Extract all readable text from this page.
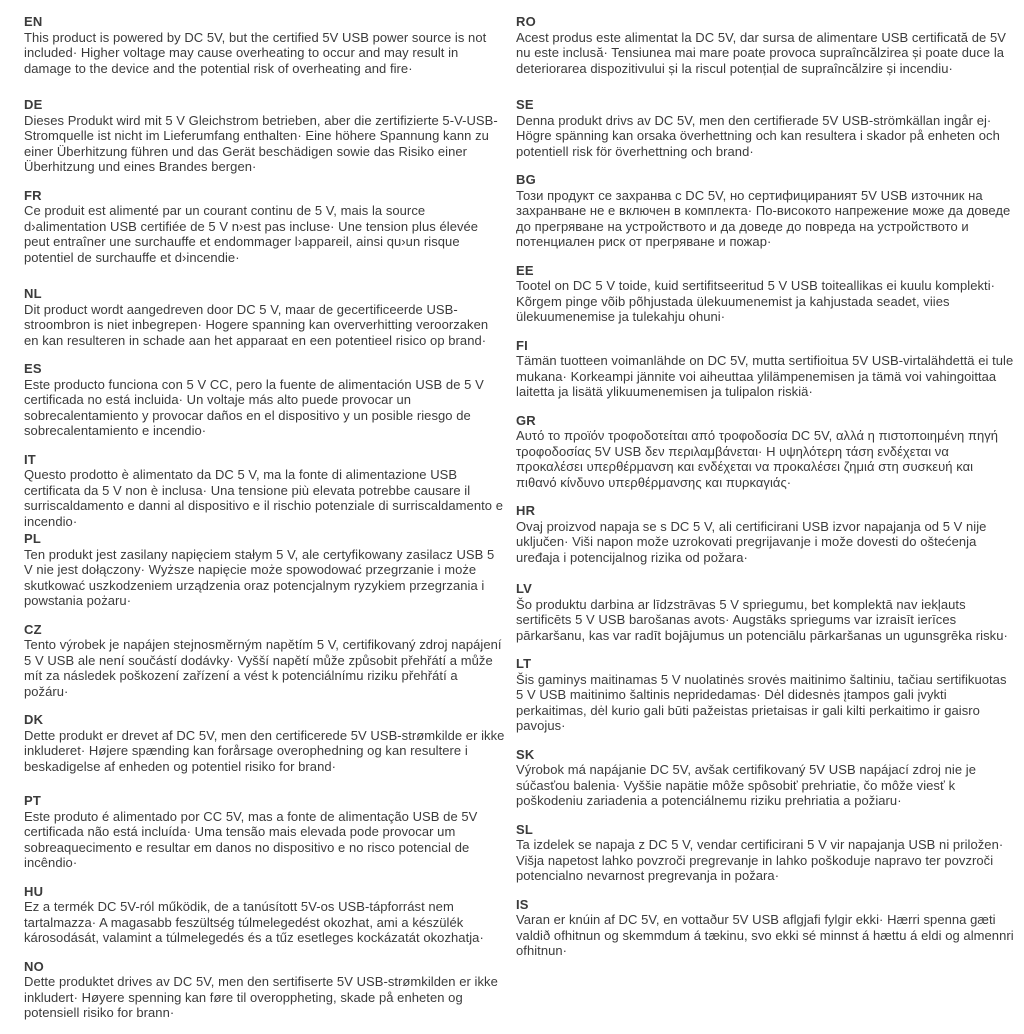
EN

This product is powered by DC 5V, but the certified 5V USB power source is not included· Higher voltage may cause overheating to occur and may result in damage to the device and the potential risk of overheating and fire·

DE

Dieses Produkt wird mit 5 V Gleichstrom betrieben, aber die zertifizierte 5-V-USB-Stromquelle ist nicht im Lieferumfang enthalten· Eine höhere Spannung kann zu einer Überhitzung führen und das Gerät beschädigen sowie das Risiko einer Überhitzung und eines Brandes bergen·

FR

Ce produit est alimenté par un courant continu de 5 V, mais la source d›alimentation USB certifiée de 5 V n›est pas incluse· Une tension plus élevée peut entraîner une surchauffe et endommager l›appareil, ainsi qu›un risque potentiel de surchauffe et d›incendie·

NL

Dit product wordt aangedreven door DC 5 V, maar de gecertificeerde USB-stroombron is niet inbegrepen· Hogere spanning kan oververhitting veroorzaken en kan resulteren in schade aan het apparaat en een potentieel risico op brand·

ES

Este producto funciona con 5 V CC, pero la fuente de alimentación USB de 5 V certificada no está incluida· Un voltaje más alto puede provocar un sobrecalentamiento y provocar daños en el dispositivo y un posible riesgo de sobrecalentamiento e incendio·

IT

Questo prodotto è alimentato da DC 5 V, ma la fonte di alimentazione USB certificata da 5 V non è inclusa· Una tensione più elevata potrebbe causare il surriscaldamento e danni al dispositivo e il rischio potenziale di surriscaldamento e incendio·

PL

Ten produkt jest zasilany napięciem stałym 5 V, ale certyfikowany zasilacz USB 5 V nie jest dołączony· Wyższe napięcie może spowodować przegrzanie i może skutkować uszkodzeniem urządzenia oraz potencjalnym ryzykiem przegrzania i powstania pożaru·

CZ

Tento výrobek je napájen stejnosměrným napětím 5 V, certifikovaný zdroj napájení 5 V USB ale není součástí dodávky· Vyšší napětí může způsobit přehřátí a může mít za následek poškození zařízení a vést k potenciálnímu riziku přehřátí a požáru·

DK

Dette produkt er drevet af DC 5V, men den certificerede 5V USB-strømkilde er ikke inkluderet· Højere spænding kan forårsage overophedning og kan resultere i beskadigelse af enheden og potentiel risiko for brand·

PT

Este produto é alimentado por CC 5V, mas a fonte de alimentação USB de 5V certificada não está incluída· Uma tensão mais elevada pode provocar um sobreaquecimento e resultar em danos no dispositivo e no risco potencial de incêndio·

HU

Ez a termék DC 5V-ról működik, de a tanúsított 5V-os USB-tápforrást nem tartalmazza· A magasabb feszültség túlmelegedést okozhat, ami a készülék károsodását, valamint a túlmelegedés és a tűz esetleges kockázatát okozhatja·

NO

Dette produktet drives av DC 5V, men den sertifiserte 5V USB-strømkilden er ikke inkludert· Høyere spenning kan føre til overoppheting, skade på enheten og potensiell risiko for brann·

RO

Acest produs este alimentat la DC 5V, dar sursa de alimentare USB certificată de 5V nu este inclusă· Tensiunea mai mare poate provoca supraîncălzirea și poate duce la deteriorarea dispozitivului și la riscul potențial de supraîncălzire și incendiu·

SE

Denna produkt drivs av DC 5V, men den certifierade 5V USB-strömkällan ingår ej· Högre spänning kan orsaka överhettning och kan resultera i skador på enheten och potentiell risk för överhettning och brand·

BG

Този продукт се захранва с DC 5V, но сертифицираният 5V USB източник на захранване не е включен в комплекта· По-високото напрежение може да доведе до прегряване на устройството и да доведе до повреда на устройството и потенциален риск от прегряване и пожар·

EE

Tootel on DC 5 V toide, kuid sertifitseeritud 5 V USB toiteallikas ei kuulu komplekti· Kõrgem pinge võib põhjustada ülekuumenemist ja kahjustada seadet, viies ülekuumenemise ja tulekahju ohuni·

FI

Tämän tuotteen voimanlähde on DC 5V, mutta sertifioitua 5V USB-virtalähdettä ei tule mukana· Korkeampi jännite voi aiheuttaa ylilämpenemisen ja tämä voi vahingoittaa laitetta ja lisätä ylikuumenemisen ja tulipalon riskiä·

GR

Αυτό το προϊόν τροφοδοτείται από τροφοδοσία DC 5V, αλλά η πιστοποιημένη πηγή τροφοδοσίας 5V USB δεν περιλαμβάνεται· Η υψηλότερη τάση ενδέχεται να προκαλέσει υπερθέρμανση και ενδέχεται να προκαλέσει ζημιά στη συσκευή και πιθανό κίνδυνο υπερθέρμανσης και πυρκαγιάς·

HR

Ovaj proizvod napaja se s DC 5 V, ali certificirani USB izvor napajanja od 5 V nije uključen· Viši napon može uzrokovati pregrijavanje i može dovesti do oštećenja uređaja i potencijalnog rizika od požara·

LV

Šo produktu darbina ar līdzstrāvas 5 V spriegumu, bet komplektā nav iekļauts sertificēts 5 V USB barošanas avots· Augstāks spriegums var izraisīt ierīces pārkaršanu, kas var radīt bojājumus un potenciālu pārkaršanas un ugunsgrēka risku·

LT

Šis gaminys maitinamas 5 V nuolatinės srovės maitinimo šaltiniu, tačiau sertifikuotas 5 V USB maitinimo šaltinis nepridedamas· Dėl didesnės įtampos gali įvykti perkaitimas, dėl kurio gali būti pažeistas prietaisas ir gali kilti perkaitimo ir gaisro pavojus·

SK

Výrobok má napájanie DC 5V, avšak certifikovaný 5V USB napájací zdroj nie je súčasťou balenia· Vyššie napätie môže spôsobiť prehriatie, čo môže viesť k poškodeniu zariadenia a potenciálnemu riziku prehriatia a požiaru·

SL

Ta izdelek se napaja z DC 5 V, vendar certificirani 5 V vir napajanja USB ni priložen· Višja napetost lahko povzroči pregrevanje in lahko poškoduje napravo ter povzroči potencialno nevarnost pregrevanja in požara·

IS

Varan er knúin af DC 5V, en vottaður 5V USB aflgjafi fylgir ekki· Hærri spenna gæti valdið ofhitnun og skemmdum á tækinu, svo ekki sé minnst á hættu á eldi og almennri ofhitnun·
